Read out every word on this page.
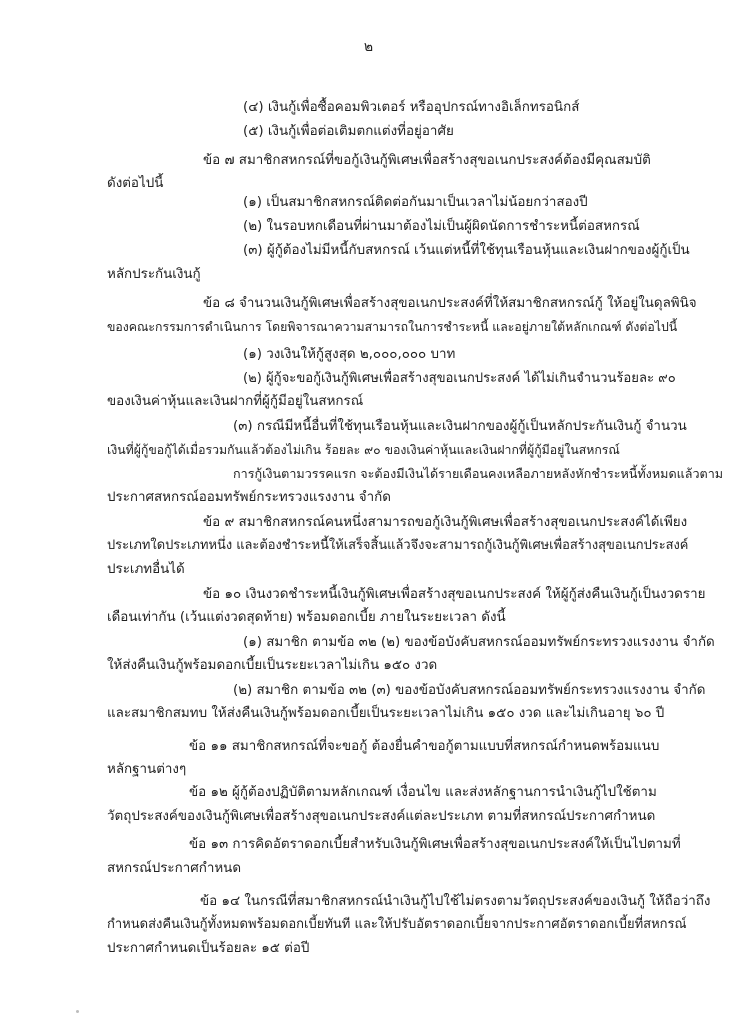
๒
(๔) เงินกู้เพื่อซื้อคอมพิวเตอร์ หรืออุปกรณ์ทางอิเล็กทรอนิกส์
(๕) เงินกู้เพื่อต่อเติมตกแต่งที่อยู่อาศัย
ข้อ ๗ สมาชิกสหกรณ์ที่ขอกู้เงินกู้พิเศษเพื่อสร้างสุขอเนกประสงค์ต้องมีคุณสมบัติ
ดังต่อไปนี้
(๑) เป็นสมาชิกสหกรณ์ติดต่อกันมาเป็นเวลาไม่น้อยกว่าสองปี
(๒) ในรอบหกเดือนที่ผ่านมาต้องไม่เป็นผู้ผิดนัดการชำระหนี้ต่อสหกรณ์
(๓) ผู้กู้ต้องไม่มีหนี้กับสหกรณ์ เว้นแต่หนี้ที่ใช้ทุนเรือนหุ้นและเงินฝากของผู้กู้เป็น
หลักประกันเงินกู้
ข้อ ๘ จำนวนเงินกู้พิเศษเพื่อสร้างสุขอเนกประสงค์ที่ให้สมาชิกสหกรณ์กู้ ให้อยู่ในดุลพินิจ
ของคณะกรรมการดำเนินการ โดยพิจารณาความสามารถในการชำระหนี้ และอยู่ภายใต้หลักเกณฑ์ ดังต่อไปนี้
(๑) วงเงินให้กู้สูงสุด ๒,๐๐๐,๐๐๐ บาท
(๒) ผู้กู้จะขอกู้เงินกู้พิเศษเพื่อสร้างสุขอเนกประสงค์ ได้ไม่เกินจำนวนร้อยละ ๙๐
ของเงินค่าหุ้นและเงินฝากที่ผู้กู้มีอยู่ในสหกรณ์
(๓) กรณีมีหนี้อื่นที่ใช้ทุนเรือนหุ้นและเงินฝากของผู้กู้เป็นหลักประกันเงินกู้ จำนวน
เงินที่ผู้กู้ขอกู้ได้เมื่อรวมกันแล้วต้องไม่เกิน ร้อยละ ๙๐ ของเงินค่าหุ้นและเงินฝากที่ผู้กู้มีอยู่ในสหกรณ์
การกู้เงินตามวรรคแรก จะต้องมีเงินได้รายเดือนคงเหลือภายหลังหักชำระหนี้ทั้งหมดแล้วตาม
ประกาศสหกรณ์ออมทรัพย์กระทรวงแรงงาน จำกัด
ข้อ ๙ สมาชิกสหกรณ์คนหนึ่งสามารถขอกู้เงินกู้พิเศษเพื่อสร้างสุขอเนกประสงค์ได้เพียง
ประเภทใดประเภทหนึ่ง และต้องชำระหนี้ให้เสร็จสิ้นแล้วจึงจะสามารถกู้เงินกู้พิเศษเพื่อสร้างสุขอเนกประสงค์
ประเภทอื่นได้
ข้อ ๑๐ เงินงวดชำระหนี้เงินกู้พิเศษเพื่อสร้างสุขอเนกประสงค์ ให้ผู้กู้ส่งคืนเงินกู้เป็นงวดราย
เดือนเท่ากัน (เว้นแต่งวดสุดท้าย) พร้อมดอกเบี้ย ภายในระยะเวลา ดังนี้
(๑) สมาชิก ตามข้อ ๓๒ (๒) ของข้อบังคับสหกรณ์ออมทรัพย์กระทรวงแรงงาน จำกัด
ให้ส่งคืนเงินกู้พร้อมดอกเบี้ยเป็นระยะเวลาไม่เกิน ๑๕๐ งวด
(๒) สมาชิก ตามข้อ ๓๒ (๓) ของข้อบังคับสหกรณ์ออมทรัพย์กระทรวงแรงงาน จำกัด
และสมาชิกสมทบ ให้ส่งคืนเงินกู้พร้อมดอกเบี้ยเป็นระยะเวลาไม่เกิน ๑๕๐ งวด และไม่เกินอายุ ๖๐ ปี
ข้อ ๑๑ สมาชิกสหกรณ์ที่จะขอกู้ ต้องยื่นคำขอกู้ตามแบบที่สหกรณ์กำหนดพร้อมแนบ
หลักฐานต่างๆ
ข้อ ๑๒ ผู้กู้ต้องปฏิบัติตามหลักเกณฑ์ เงื่อนไข และส่งหลักฐานการนำเงินกู้ไปใช้ตาม
วัตถุประสงค์ของเงินกู้พิเศษเพื่อสร้างสุขอเนกประสงค์แต่ละประเภท ตามที่สหกรณ์ประกาศกำหนด
ข้อ ๑๓ การคิดอัตราดอกเบี้ยสำหรับเงินกู้พิเศษเพื่อสร้างสุขอเนกประสงค์ให้เป็นไปตามที่
สหกรณ์ประกาศกำหนด
ข้อ ๑๔ ในกรณีที่สมาชิกสหกรณ์นำเงินกู้ไปใช้ไม่ตรงตามวัตถุประสงค์ของเงินกู้ ให้ถือว่าถึง
กำหนดส่งคืนเงินกู้ทั้งหมดพร้อมดอกเบี้ยทันที และให้ปรับอัตราดอกเบี้ยจากประกาศอัตราดอกเบี้ยที่สหกรณ์
ประกาศกำหนดเป็นร้อยละ ๑๕ ต่อปี
